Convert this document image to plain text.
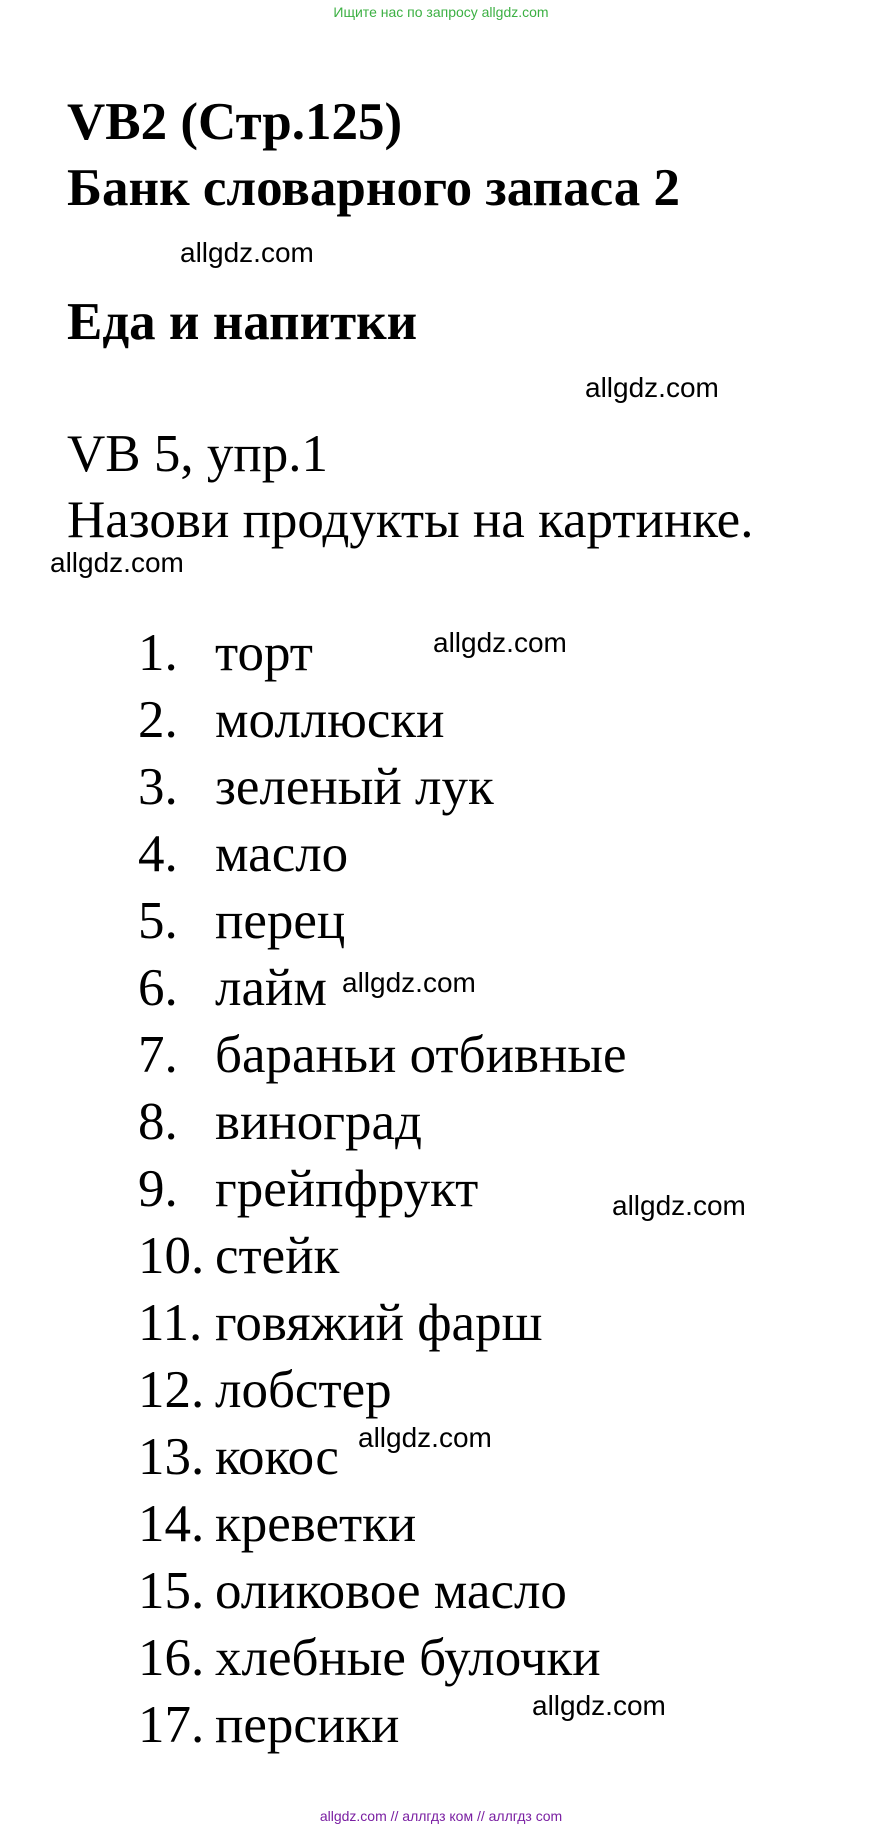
Ищите нас по запросу allgdz.com
VB2 (Стр.125)
Банк словарного запаса 2
allgdz.com
Еда и напитки
allgdz.com
VB 5, упр.1
Назови продукты на картинке.
allgdz.com
1. торт
2. моллюски
3. зеленый лук
4. масло
5. перец
6. лайм
7. бараньи отбивные
8. виноград
9. грейпфрукт
10. стейк
11. говяжий фарш
12. лобстер
13. кокос
14. креветки
15. оликовое масло
16. хлебные булочки
17. персики
allgdz.com
allgdz.com
allgdz.com
allgdz.com
allgdz.com
allgdz.com // аллгдз ком // аллгдз com
